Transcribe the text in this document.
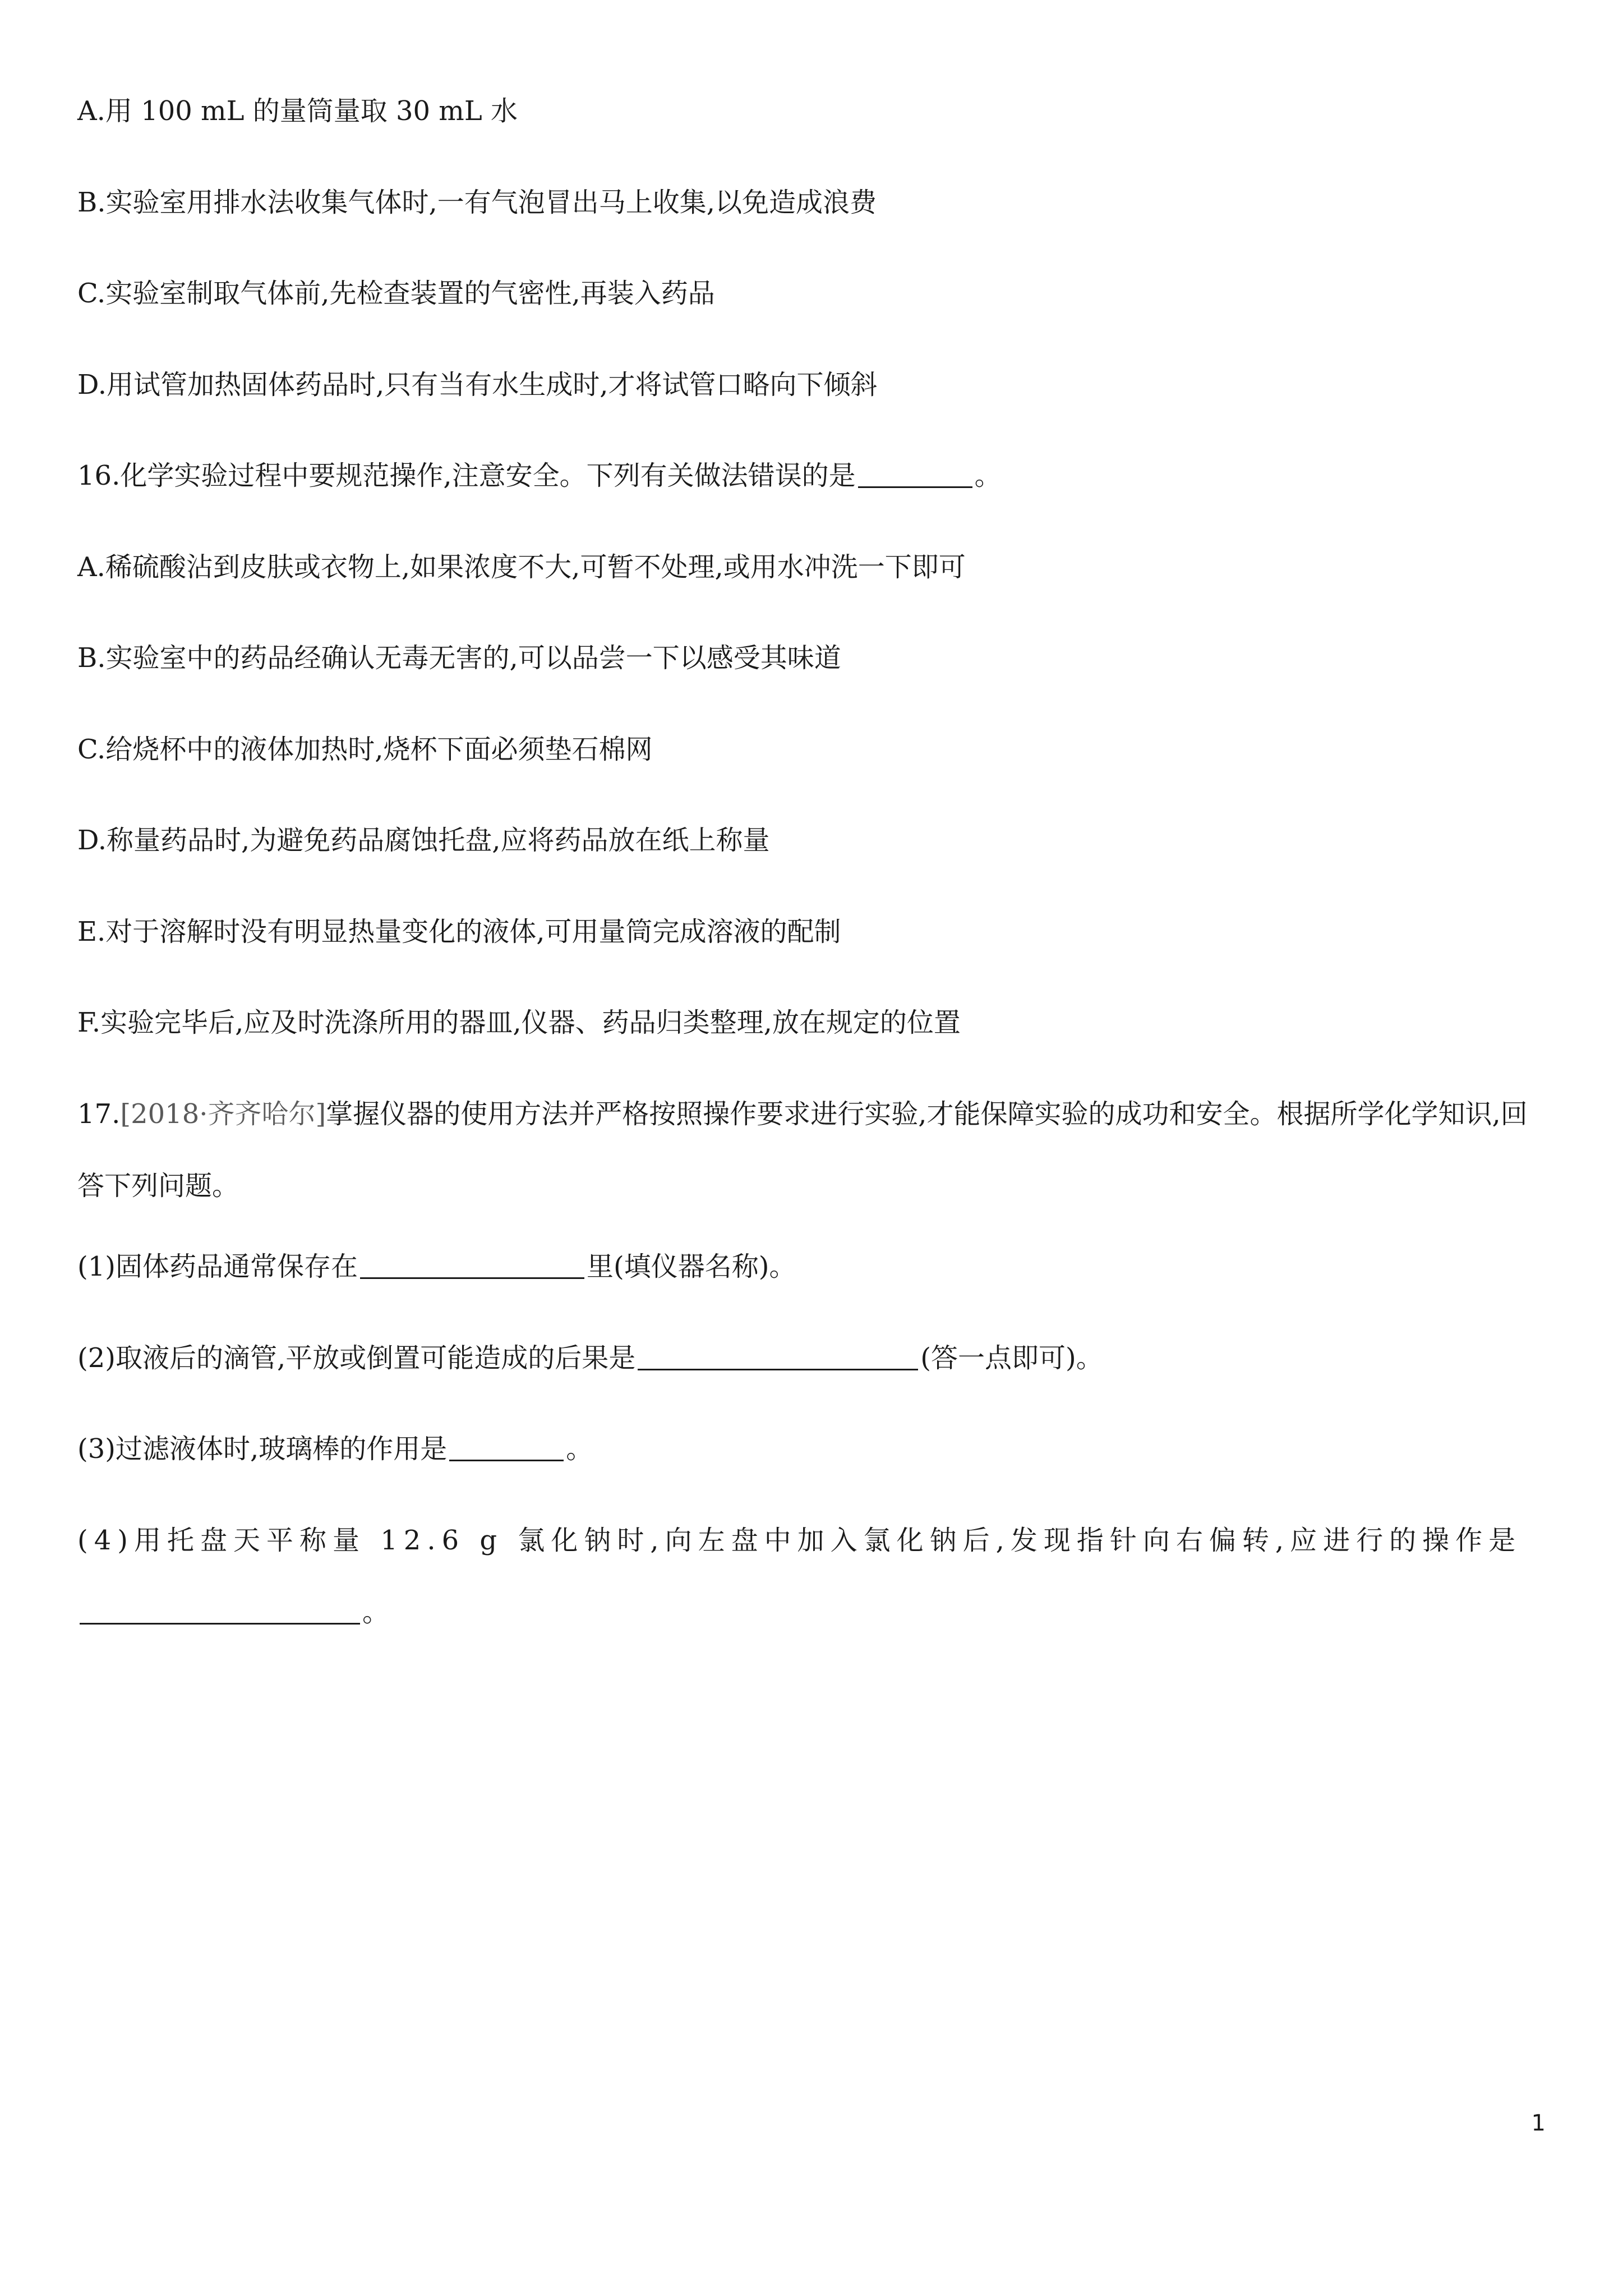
A.用 100 mL 的量筒量取 30 mL 水
B.实验室用排水法收集气体时,一有气泡冒出马上收集,以免造成浪费
C.实验室制取气体前,先检查装置的气密性,再装入药品
D.用试管加热固体药品时,只有当有水生成时,才将试管口略向下倾斜
16.化学实验过程中要规范操作,注意安全。下列有关做法错误的是	。
A.稀硫酸沾到皮肤或衣物上,如果浓度不大,可暂不处理,或用水冲洗一下即可
B.实验室中的药品经确认无毒无害的,可以品尝一下以感受其味道
C.给烧杯中的液体加热时,烧杯下面必须垫石棉网
D.称量药品时,为避免药品腐蚀托盘,应将药品放在纸上称量
E.对于溶解时没有明显热量变化的液体,可用量筒完成溶液的配制
F.实验完毕后,应及时洗涤所用的器皿,仪器、药品归类整理,放在规定的位置
17.[2018·齐齐哈尔]掌握仪器的使用方法并严格按照操作要求进行实验,才能保障实验的成功和安全。根据所学化学知识,回答下列问题。
(1)固体药品通常保存在	里(填仪器名称)。
(2)取液后的滴管,平放或倒置可能造成的后果是	(答一点即可)。
(3)过滤液体时,玻璃棒的作用是	。
(4)用托盘天平称量 12.6 g 氯化钠时,向左盘中加入氯化钠后,发现指针向右偏转,应进行的操作是。
1
